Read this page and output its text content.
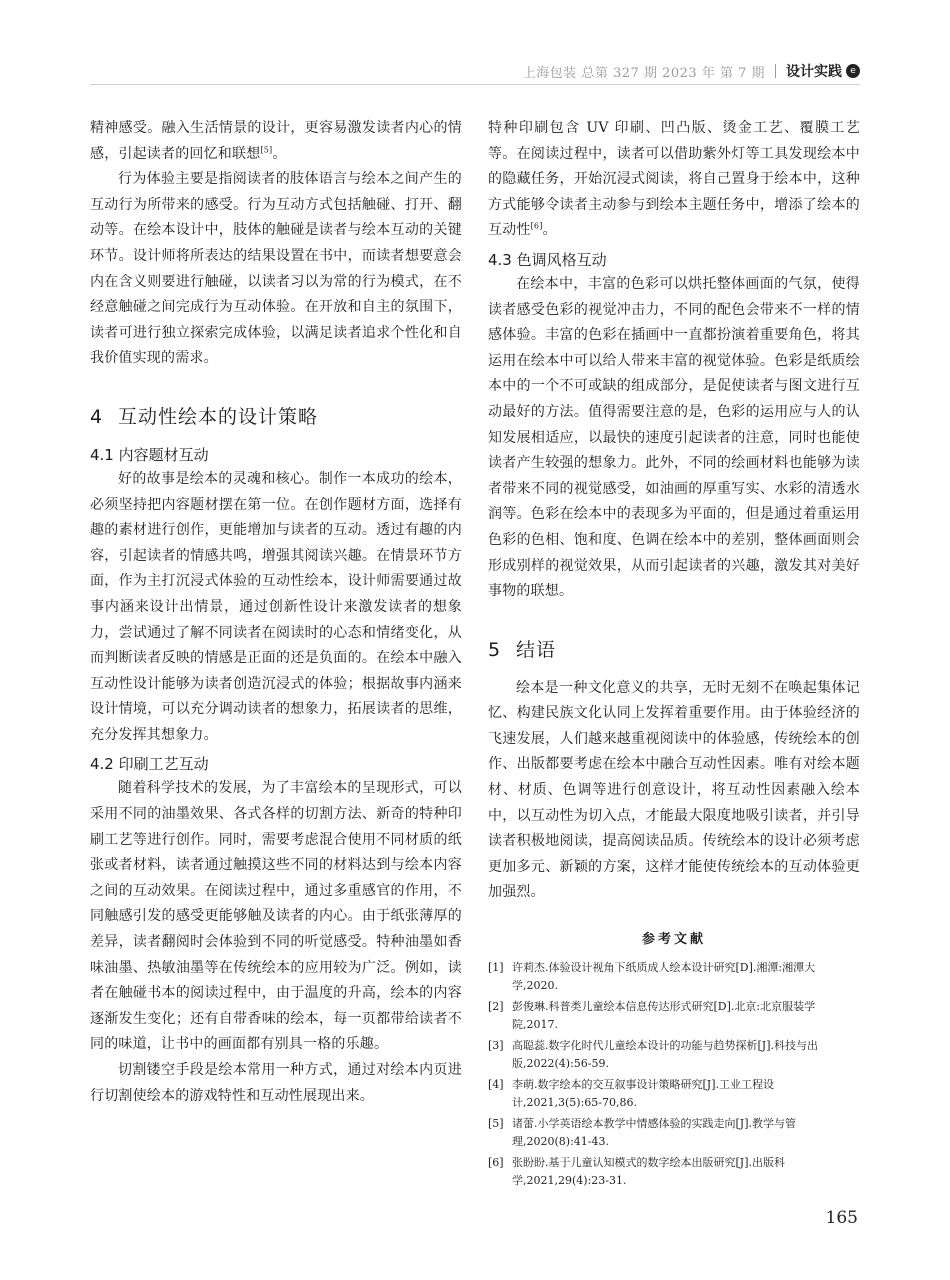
上海包装 总第 327 期 2023 年 第 7 期 设计实践 e

精神感受。融入生活情景的设计，更容易激发读者内心的情感，引起读者的回忆和联想[5]。

行为体验主要是指阅读者的肢体语言与绘本之间产生的互动行为所带来的感受。行为互动方式包括触碰、打开、翻动等。在绘本设计中，肢体的触碰是读者与绘本互动的关键环节。设计师将所表达的结果设置在书中，而读者想要意会内在含义则要进行触碰，以读者习以为常的行为模式，在不经意触碰之间完成行为互动体验。在开放和自主的氛围下，读者可进行独立探索完成体验，以满足读者追求个性化和自我价值实现的需求。

4 互动性绘本的设计策略
4.1 内容题材互动

好的故事是绘本的灵魂和核心。制作一本成功的绘本，必须坚持把内容题材摆在第一位。在创作题材方面，选择有趣的素材进行创作，更能增加与读者的互动。透过有趣的内容，引起读者的情感共鸣，增强其阅读兴趣。在情景环节方面，作为主打沉浸式体验的互动性绘本，设计师需要通过故事内涵来设计出情景，通过创新性设计来激发读者的想象力，尝试通过了解不同读者在阅读时的心态和情绪变化，从而判断读者反映的情感是正面的还是负面的。在绘本中融入互动性设计能够为读者创造沉浸式的体验；根据故事内涵来设计情境，可以充分调动读者的想象力，拓展读者的思维，充分发挥其想象力。

4.2 印刷工艺互动

随着科学技术的发展，为了丰富绘本的呈现形式，可以采用不同的油墨效果、各式各样的切割方法、新奇的特种印刷工艺等进行创作。同时，需要考虑混合使用不同材质的纸张或者材料，读者通过触摸这些不同的材料达到与绘本内容之间的互动效果。在阅读过程中，通过多重感官的作用，不同触感引发的感受更能够触及读者的内心。由于纸张薄厚的差异，读者翻阅时会体验到不同的听觉感受。特种油墨如香味油墨、热敏油墨等在传统绘本的应用较为广泛。例如，读者在触碰书本的阅读过程中，由于温度的升高，绘本的内容逐渐发生变化；还有自带香味的绘本，每一页都带给读者不同的味道，让书中的画面都有别具一格的乐趣。

切割镂空手段是绘本常用一种方式，通过对绘本内页进行切割使绘本的游戏特性和互动性展现出来。

特种印刷包含 UV 印刷、凹凸版、烫金工艺、覆膜工艺等。在阅读过程中，读者可以借助紫外灯等工具发现绘本中的隐藏任务，开始沉浸式阅读，将自己置身于绘本中，这种方式能够令读者主动参与到绘本主题任务中，增添了绘本的互动性[6]。

4.3 色调风格互动

在绘本中，丰富的色彩可以烘托整体画面的气氛，使得读者感受色彩的视觉冲击力，不同的配色会带来不一样的情感体验。丰富的色彩在插画中一直都扮演着重要角色，将其运用在绘本中可以给人带来丰富的视觉体验。色彩是纸质绘本中的一个不可或缺的组成部分，是促使读者与图文进行互动最好的方法。值得需要注意的是，色彩的运用应与人的认知发展相适应，以最快的速度引起读者的注意，同时也能使读者产生较强的想象力。此外，不同的绘画材料也能够为读者带来不同的视觉感受，如油画的厚重写实、水彩的清透水润等。色彩在绘本中的表现多为平面的，但是通过着重运用色彩的色相、饱和度、色调在绘本中的差别，整体画面则会形成别样的视觉效果，从而引起读者的兴趣，激发其对美好事物的联想。

5 结语

绘本是一种文化意义的共享，无时无刻不在唤起集体记忆、构建民族文化认同上发挥着重要作用。由于体验经济的飞速发展，人们越来越重视阅读中的体验感，传统绘本的创作、出版都要考虑在绘本中融合互动性因素。唯有对绘本题材、材质、色调等进行创意设计，将互动性因素融入绘本中，以互动性为切入点，才能最大限度地吸引读者，并引导读者积极地阅读，提高阅读品质。传统绘本的设计必须考虑更加多元、新颖的方案，这样才能使传统绘本的互动体验更加强烈。

参考文献
[1] 许莉杰.体验设计视角下纸质成人绘本设计研究[D].湘潭:湘潭大学,2020.
[2] 彭俊琳.科普类儿童绘本信息传达形式研究[D].北京:北京服装学院,2017.
[3] 高聪蕊.数字化时代儿童绘本设计的功能与趋势探析[J].科技与出版,2022(4):56-59.
[4] 李萌.数字绘本的交互叙事设计策略研究[J].工业工程设计,2021,3(5):65-70,86.
[5] 诸蕾.小学英语绘本教学中情感体验的实践走向[J].教学与管理,2020(8):41-43.
[6] 张盼盼.基于儿童认知模式的数字绘本出版研究[J].出版科学,2021,29(4):23-31.
165
